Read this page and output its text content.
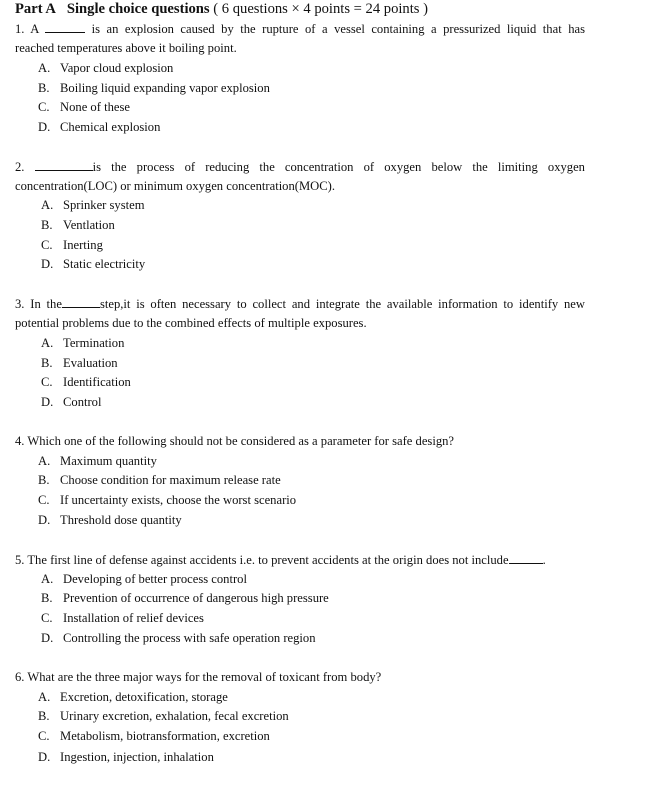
Part A Single choice questions ( 6 questions × 4 points = 24 points )
1. A	is an explosion caused by the rupture of a vessel containing a pressurized liquid that has
reached temperatures above it boiling point.
A. Vapor cloud explosion
B. Boiling liquid expanding vapor explosion
C. None of these
D. Chemical explosion
2.	is the process of reducing the concentration of oxygen below the limiting oxygen
concentration(LOC) or minimum oxygen concentration(MOC).
A. Sprinker system
B. Ventlation
C. Inerting
D. Static electricity
3. In the	step,it is often necessary to collect and integrate the available information to identify new
potential problems due to the combined effects of multiple exposures.
A. Termination
B. Evaluation
C. Identification
D. Control
4. Which one of the following should not be considered as a parameter for safe design?
A. Maximum quantity
B. Choose condition for maximum release rate
C. If uncertainty exists, choose the worst scenario
D. Threshold dose quantity
5. The first line of defense against accidents i.e. to prevent accidents at the origin does not include	.
A. Developing of better process control
B. Prevention of occurrence of dangerous high pressure
C. Installation of relief devices
D. Controlling the process with safe operation region
6. What are the three major ways for the removal of toxicant from body?
A. Excretion, detoxification, storage
B. Urinary excretion, exhalation, fecal excretion
C. Metabolism, biotransformation, excretion
D. Ingestion, injection, inhalation
